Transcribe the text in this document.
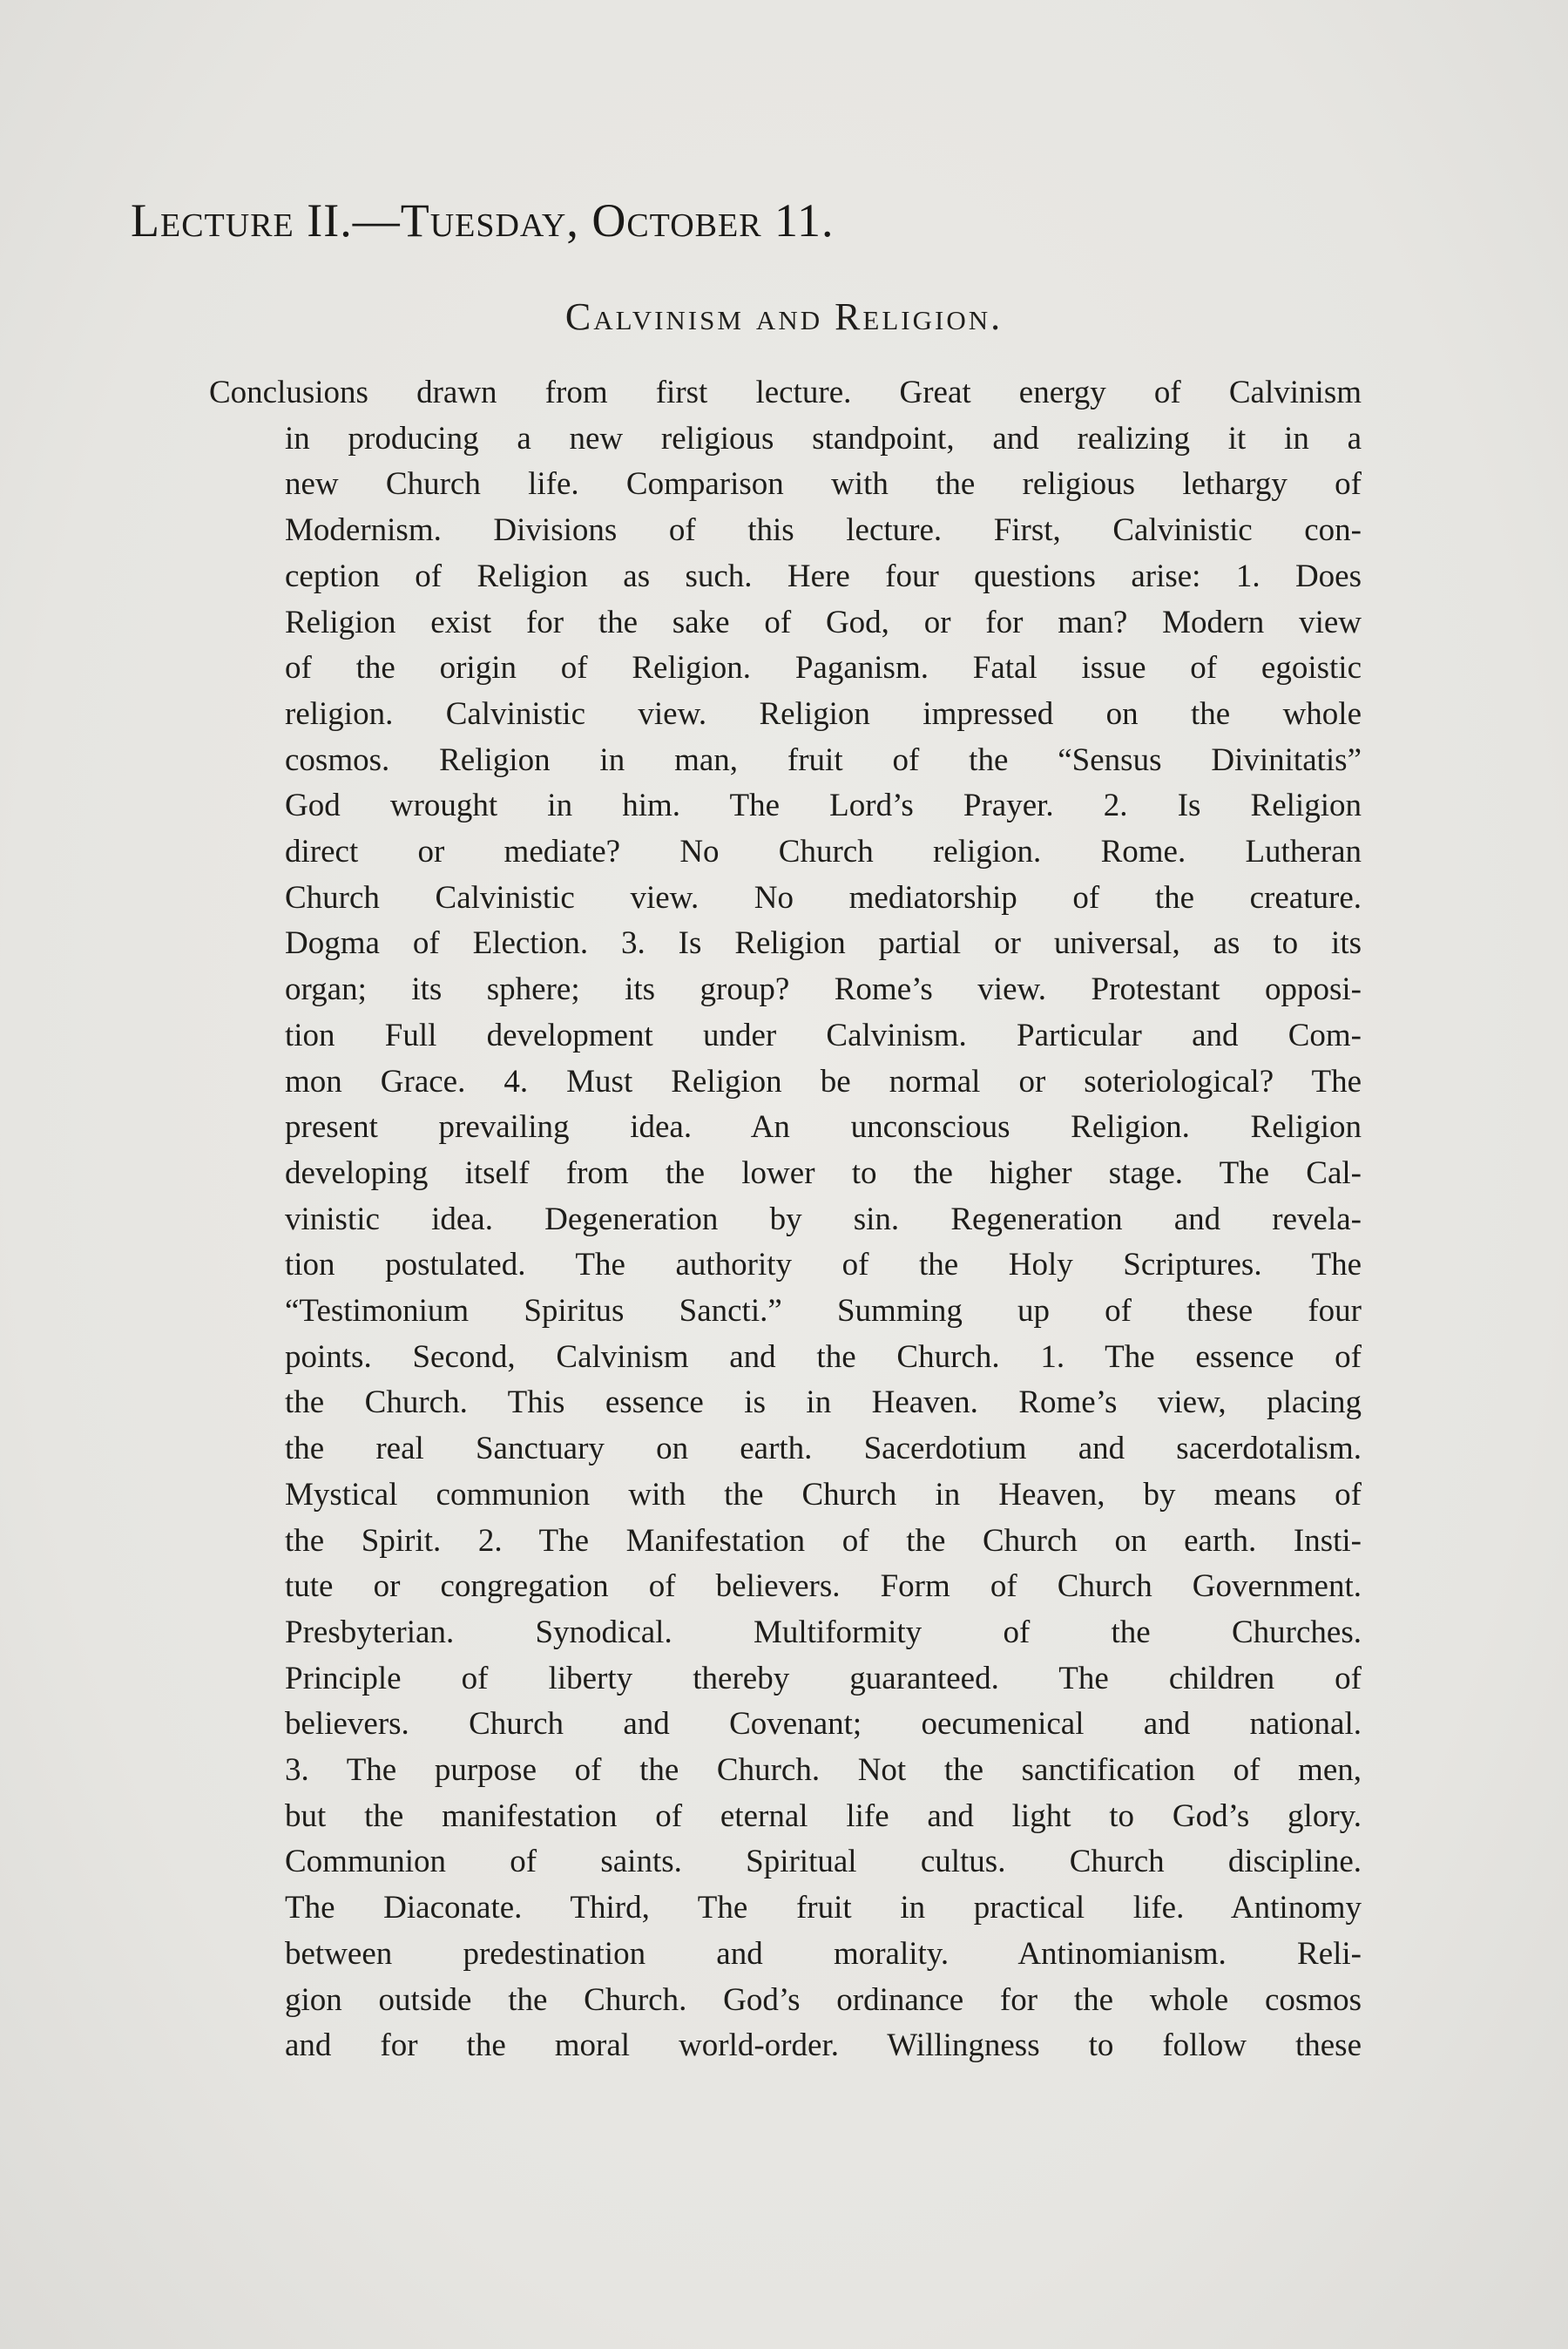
Lecture II.—Tuesday, October 11.
Calvinism and Religion.
Conclusions drawn from first lecture. Great energy of Calvinism
in producing a new religious standpoint, and realizing it in a
new Church life. Comparison with the religious lethargy of
Modernism. Divisions of this lecture. First, Calvinistic con-
ception of Religion as such. Here four questions arise: 1. Does
Religion exist for the sake of God, or for man? Modern view
of the origin of Religion. Paganism. Fatal issue of egoistic
religion. Calvinistic view. Religion impressed on the whole
cosmos. Religion in man, fruit of the “Sensus Divinitatis”
God wrought in him. The Lord’s Prayer. 2. Is Religion
direct or mediate? No Church religion. Rome. Lutheran
Church Calvinistic view. No mediatorship of the creature.
Dogma of Election. 3. Is Religion partial or universal, as to its
organ; its sphere; its group? Rome’s view. Protestant opposi-
tion Full development under Calvinism. Particular and Com-
mon Grace. 4. Must Religion be normal or soteriological? The
present prevailing idea. An unconscious Religion. Religion
developing itself from the lower to the higher stage. The Cal-
vinistic idea. Degeneration by sin. Regeneration and revela-
tion postulated. The authority of the Holy Scriptures. The
“Testimonium Spiritus Sancti.” Summing up of these four
points. Second, Calvinism and the Church. 1. The essence of
the Church. This essence is in Heaven. Rome’s view, placing
the real Sanctuary on earth. Sacerdotium and sacerdotalism.
Mystical communion with the Church in Heaven, by means of
the Spirit. 2. The Manifestation of the Church on earth. Insti-
tute or congregation of believers. Form of Church Government.
Presbyterian. Synodical. Multiformity of the Churches.
Principle of liberty thereby guaranteed. The children of
believers. Church and Covenant; oecumenical and national.
3. The purpose of the Church. Not the sanctification of men,
but the manifestation of eternal life and light to God’s glory.
Communion of saints. Spiritual cultus. Church discipline.
The Diaconate. Third, The fruit in practical life. Antinomy
between predestination and morality. Antinomianism. Reli-
gion outside the Church. God’s ordinance for the whole cosmos
and for the moral world-order. Willingness to follow these
